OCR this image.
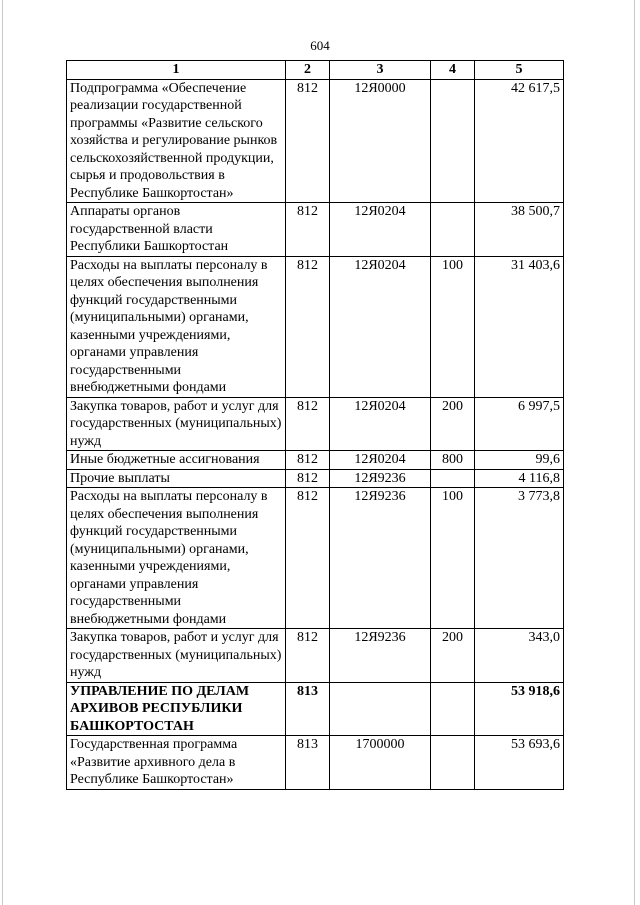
604
1	2	3	4	5
Подпрограмма «Обеспечение реализации государственной программы «Развитие сельского хозяйства и регулирование рынков сельскохозяйственной продукции, сырья и продовольствия в Республике Башкортостан»	812	12Я0000		42 617,5
Аппараты органов государственной власти Республики Башкортостан	812	12Я0204		38 500,7
Расходы на выплаты персоналу в целях обеспечения выполнения функций государственными (муниципальными) органами, казенными учреждениями, органами управления государственными внебюджетными фондами	812	12Я0204	100	31 403,6
Закупка товаров, работ и услуг для государственных (муниципальных) нужд	812	12Я0204	200	6 997,5
Иные бюджетные ассигнования	812	12Я0204	800	99,6
Прочие выплаты	812	12Я9236		4 116,8
Расходы на выплаты персоналу в целях обеспечения выполнения функций государственными (муниципальными) органами, казенными учреждениями, органами управления государственными внебюджетными фондами	812	12Я9236	100	3 773,8
Закупка товаров, работ и услуг для государственных (муниципальных) нужд	812	12Я9236	200	343,0
УПРАВЛЕНИЕ ПО ДЕЛАМ АРХИВОВ РЕСПУБЛИКИ БАШКОРТОСТАН	813			53 918,6
Государственная программа «Развитие архивного дела в Республике Башкортостан»	813	1700000		53 693,6
